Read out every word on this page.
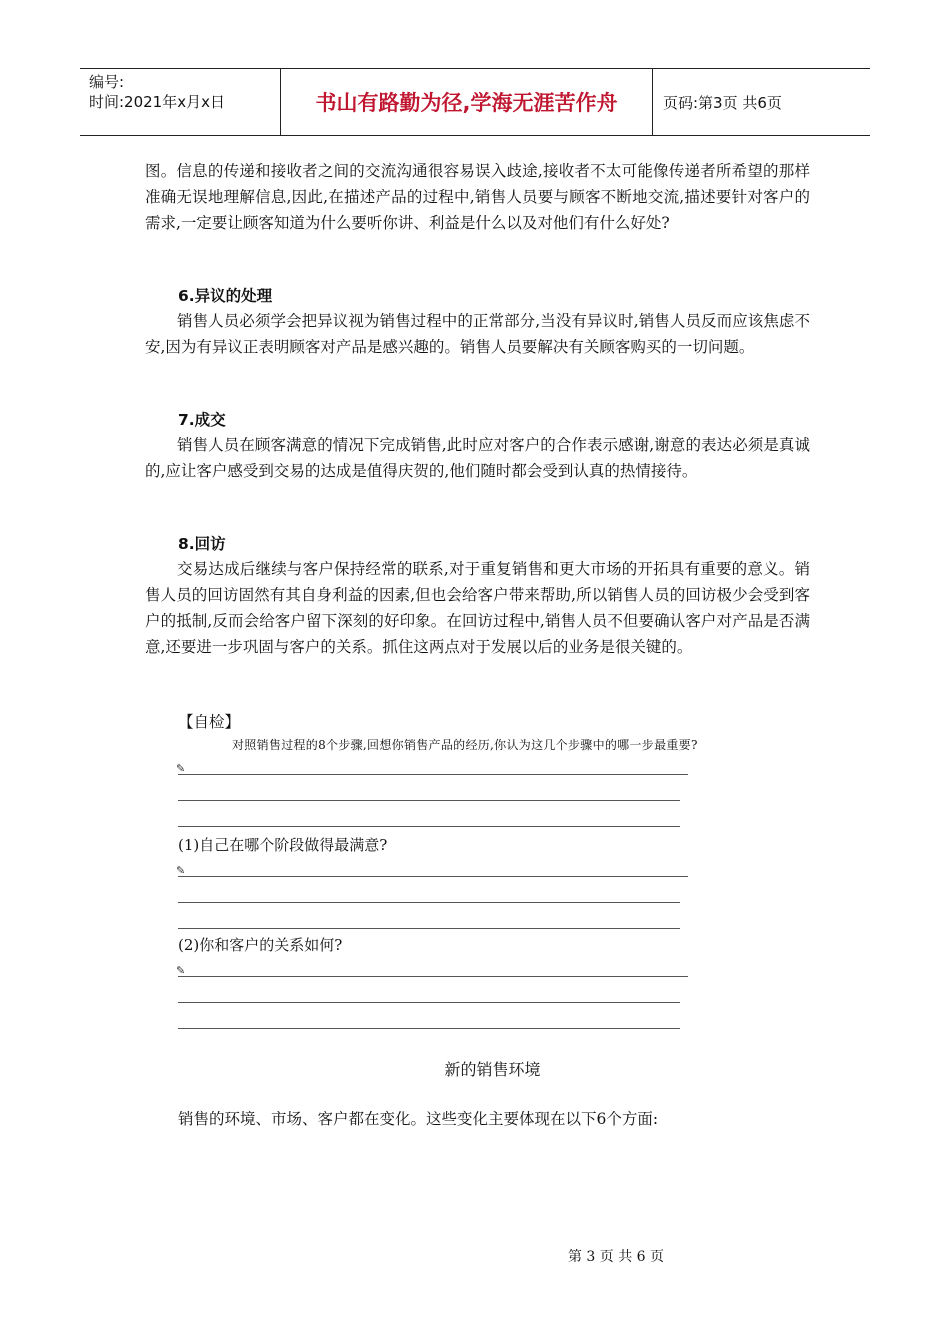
编号:
时间:2021年x月x日	书山有路勤为径,学海无涯苦作舟	页码:第3页 共6页

图。信息的传递和接收者之间的交流沟通很容易误入歧途,接收者不太可能像传递者所希望的那样准确无误地理解信息,因此,在描述产品的过程中,销售人员要与顾客不断地交流,描述要针对客户的需求,一定要让顾客知道为什么要听你讲、利益是什么以及对他们有什么好处?

6.异议的处理

销售人员必须学会把异议视为销售过程中的正常部分,当没有异议时,销售人员反而应该焦虑不安,因为有异议正表明顾客对产品是感兴趣的。销售人员要解决有关顾客购买的一切问题。

7.成交

销售人员在顾客满意的情况下完成销售,此时应对客户的合作表示感谢,谢意的表达必须是真诚的,应让客户感受到交易的达成是值得庆贺的,他们随时都会受到认真的热情接待。

8.回访

交易达成后继续与客户保持经常的联系,对于重复销售和更大市场的开拓具有重要的意义。销售人员的回访固然有其自身利益的因素,但也会给客户带来帮助,所以销售人员的回访极少会受到客户的抵制,反而会给客户留下深刻的好印象。在回访过程中,销售人员不但要确认客户对产品是否满意,还要进一步巩固与客户的关系。抓住这两点对于发展以后的业务是很关键的。

【自检】
对照销售过程的8个步骤,回想你销售产品的经历,你认为这几个步骤中的哪一步最重要?
✎
(1)自己在哪个阶段做得最满意?
✎
(2)你和客户的关系如何?
✎
新的销售环境
销售的环境、市场、客户都在变化。这些变化主要体现在以下6个方面:
第 3 页 共 6 页
